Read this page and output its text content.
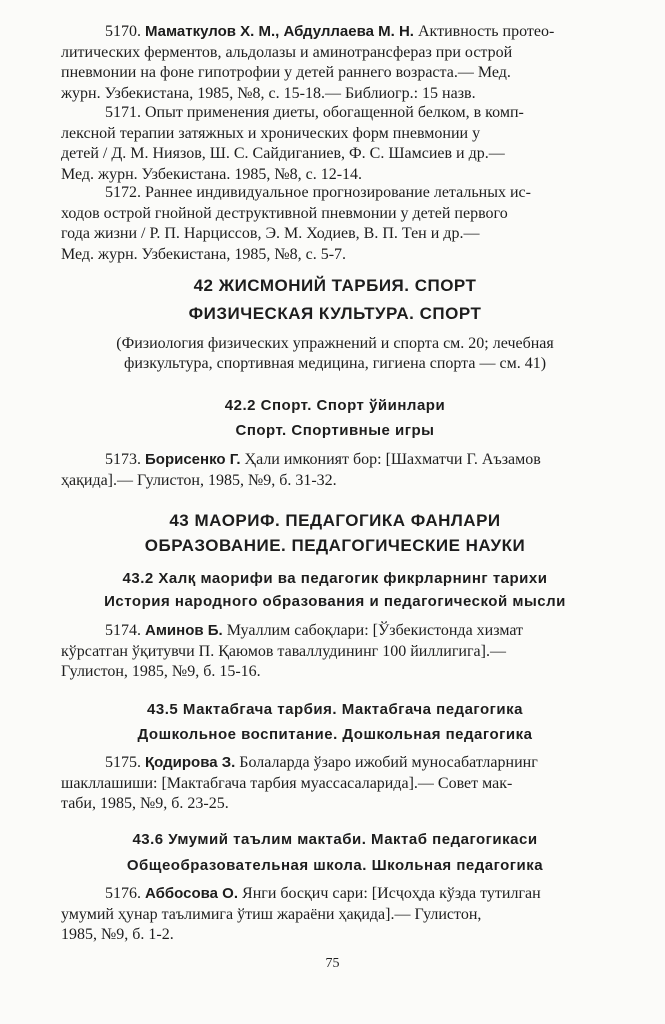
5170. Маматкулов Х. М., Абдуллаева М. Н. Активность протео-
литических ферментов, альдолазы и аминотрансфераз при острой
пневмонии на фоне гипотрофии у детей раннего возраста.— Мед.
журн. Узбекистана, 1985, №8, с. 15-18.— Библиогр.: 15 назв.
5171. Опыт применения диеты, обогащенной белком, в комп-
лексной терапии затяжных и хронических форм пневмонии у
детей / Д. М. Ниязов, Ш. С. Сайдиганиев, Ф. С. Шамсиев и др.—
Мед. журн. Узбекистана. 1985, №8, с. 12-14.
5172. Раннее индивидуальное прогнозирование летальных ис-
ходов острой гнойной деструктивной пневмонии у детей первого
года жизни / Р. П. Нарциссов, Э. М. Ходиев, В. П. Тен и др.—
Мед. журн. Узбекистана, 1985, №8, с. 5-7.
42 ЖИСМОНИЙ ТАРБИЯ. СПОРТ
ФИЗИЧЕСКАЯ КУЛЬТУРА. СПОРТ
(Физиология физических упражнений и спорта см. 20; лечебная
физкультура, спортивная медицина, гигиена спорта — см. 41)
42.2 Спорт. Спорт ўйинлари
Спорт. Спортивные игры
5173. Борисенко Г. Ҳали имконият бор: [Шахматчи Г. Аъзамов
ҳақида].— Гулистон, 1985, №9, б. 31-32.
43 МАОРИФ. ПЕДАГОГИКА ФАНЛАРИ
ОБРАЗОВАНИЕ. ПЕДАГОГИЧЕСКИЕ НАУКИ
43.2 Халқ маорифи ва педагогик фикрларнинг тарихи
История народного образования и педагогической мысли
5174. Аминов Б. Муаллим сабоқлари: [Ўзбекистонда хизмат
кўрсатган ўқитувчи П. Қаюмов таваллудининг 100 йиллигига].—
Гулистон, 1985, №9, б. 15-16.
43.5 Мактабгача тарбия. Мактабгача педагогика
Дошкольное воспитание. Дошкольная педагогика
5175. Қодирова З. Болаларда ўзаро ижобий муносабатларнинг
шакллашиши: [Мактабгача тарбия муассасаларида].— Совет мак-
таби, 1985, №9, б. 23-25.
43.6 Умумий таълим мактаби. Мактаб педагогикаси
Общеобразовательная школа. Школьная педагогика
5176. Аббосова О. Янги босқич сари: [Исҷоҳда кўзда тутилган
умумий ҳунар таълимига ўтиш жараёни ҳақида].— Гулистон,
1985, №9, б. 1-2.
75
